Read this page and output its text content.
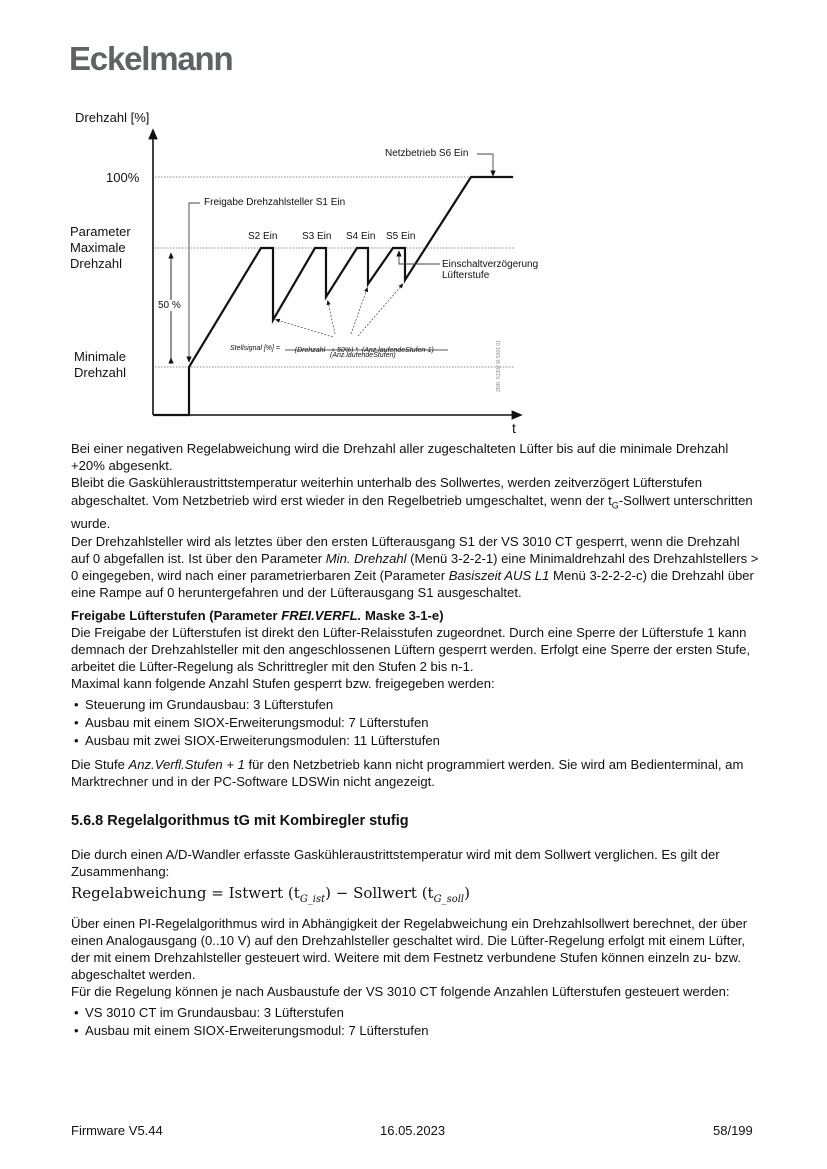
Eckelmann
Drehzahl [%]
t
100%
Parameter
Maximale
Drehzahl
Minimale
Drehzahl
50 %
Freigabe Drehzahlsteller S1 Ein
S2 Ein S3 Ein S4 Ein S5 Ein
Netzbetrieb S6 Ein
Einschaltverzögerung
Lüfterstufe
Stellsignal [%] =	(Drehzahl   + 50%) *  (Anz.laufendeStufen-1)

(Anz.laufendeStufen)	ZNR: 51302 M 5301 01

Bei einer negativen Regelabweichung wird die Drehzahl aller zugeschalteten Lüfter bis auf die minimale Drehzahl +20% abgesenkt.

Bleibt die Gaskühleraustrittstemperatur weiterhin unterhalb des Sollwertes, werden zeitverzögert Lüfterstufen abgeschaltet. Vom Netzbetrieb wird erst wieder in den Regelbetrieb umgeschaltet, wenn der $t_G$-Sollwert unterschritten wurde.

Der Drehzahlsteller wird als letztes über den ersten Lüfterausgang S1 der VS 3010 CT gesperrt, wenn die Drehzahl auf 0 abgefallen ist. Ist über den Parameter Min. Drehzahl (Menü 3-2-2-1) eine Minimaldrehzahl des Drehzahlstellers > 0 eingegeben, wird nach einer parametrierbaren Zeit (Parameter Basiszeit AUS L1 Menü 3-2-2-2-c) die Drehzahl über eine Rampe auf 0 heruntergefahren und der Lüfterausgang S1 ausgeschaltet.

Freigabe Lüfterstufen (Parameter FREI.VERFL. Maske 3-1-e)

Die Freigabe der Lüfterstufen ist direkt den Lüfter-Relaisstufen zugeordnet. Durch eine Sperre der Lüfterstufe 1 kann demnach der Drehzahlsteller mit den angeschlossenen Lüftern gesperrt werden. Erfolgt eine Sperre der ersten Stufe, arbeitet die Lüfter-Regelung als Schrittregler mit den Stufen 2 bis n-1.

Maximal kann folgende Anzahl Stufen gesperrt bzw. freigegeben werden:

• Steuerung im Grundausbau: 3 Lüfterstufen
• Ausbau mit einem SIOX-Erweiterungsmodul: 7 Lüfterstufen
• Ausbau mit zwei SIOX-Erweiterungsmodulen: 11 Lüfterstufen

Die Stufe Anz.Verfl.Stufen + 1 für den Netzbetrieb kann nicht programmiert werden. Sie wird am Bedienterminal, am Marktrechner und in der PC-Software LDSWin nicht angezeigt.

5.6.8 Regelalgorithmus tG mit Kombiregler stufig

Die durch einen A/D-Wandler erfasste Gaskühleraustrittstemperatur wird mit dem Sollwert verglichen. Es gilt der Zusammenhang:

Regelabweichung = Istwert $(t_{G\_ist})$ − Sollwert $(t_{G\_soll})$

Über einen PI-Regelalgorithmus wird in Abhängigkeit der Regelabweichung ein Drehzahlsollwert berechnet, der über einen Analogausgang (0..10 V) auf den Drehzahlsteller geschaltet wird. Die Lüfter-Regelung erfolgt mit einem Lüfter, der mit einem Drehzahlsteller gesteuert wird. Weitere mit dem Festnetz verbundene Stufen können einzeln zu- bzw. abgeschaltet werden.

Für die Regelung können je nach Ausbaustufe der VS 3010 CT folgende Anzahlen Lüfterstufen gesteuert werden:

• VS 3010 CT im Grundausbau: 3 Lüfterstufen
• Ausbau mit einem SIOX-Erweiterungsmodul: 7 Lüfterstufen
Firmware V5.44	16.05.2023	58/199
